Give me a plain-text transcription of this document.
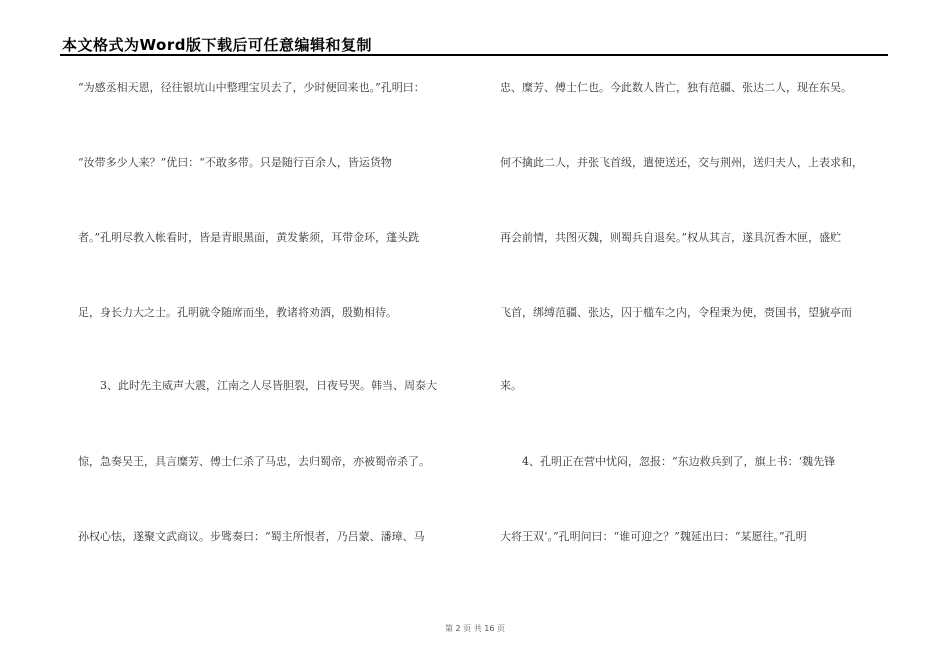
本文格式为Word版下载后可任意编辑和复制
“为感丞相天恩，径往银坑山中整理宝贝去了，少时便回来也。”孔明曰：
“汝带多少人来？”优曰：“不敢多带。只是随行百余人，皆运货物
者。”孔明尽教入帐看时，皆是青眼黑面，黄发紫须，耳带金环，蓬头跣
足，身长力大之士。孔明就令随席而坐，教诸将劝酒，殷勤相待。
3、此时先主威声大震，江南之人尽皆胆裂，日夜号哭。韩当、周泰大
惊，急奏吴王，具言糜芳、傅士仁杀了马忠，去归蜀帝，亦被蜀帝杀了。
孙权心怯，遂聚文武商议。步骘奏曰：“蜀主所恨者，乃吕蒙、潘璋、马
忠、糜芳、傅士仁也。今此数人皆亡，独有范疆、张达二人，现在东吴。
何不擒此二人，并张飞首级，遣使送还，交与荆州，送归夫人，上表求和，
再会前情，共图灭魏，则蜀兵自退矣。”权从其言，遂具沉香木匣，盛贮
飞首，绑缚范疆、张达，囚于槛车之内，令程秉为使，赍国书，望猇亭而
来。
4、孔明正在营中忧闷，忽报：“东边救兵到了，旗上书：‘魏先锋
大将王双’。”孔明问曰：“谁可迎之？”魏延出曰：“某愿往。”孔明
第 2 页 共 16 页
